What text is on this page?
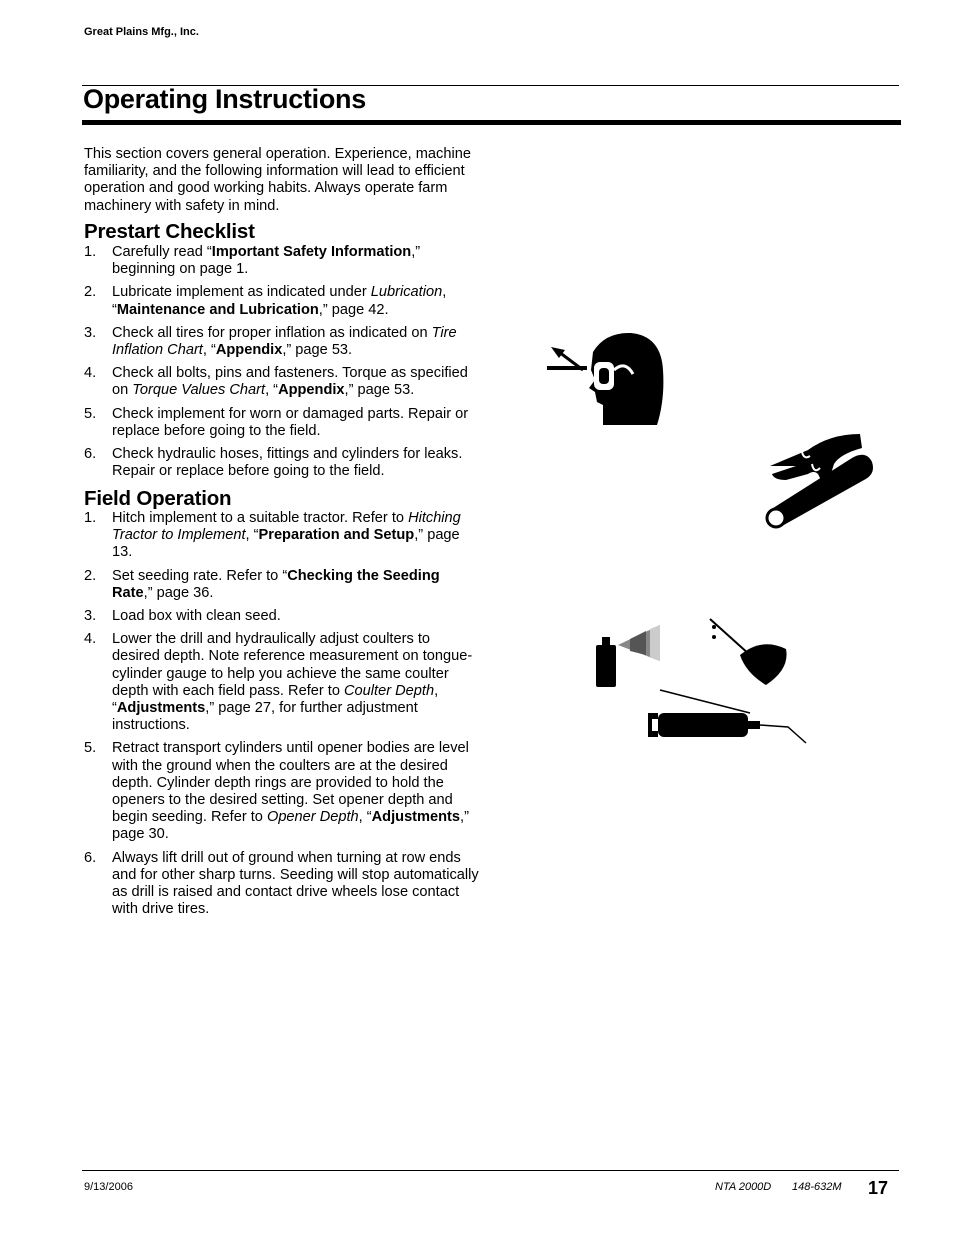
Great Plains Mfg., Inc.
Operating Instructions
This section covers general operation. Experience, machine familiarity, and the following information will lead to efficient operation and good working habits. Always operate farm machinery with safety in mind.
Prestart Checklist
1. Carefully read “Important Safety Information,” beginning on page 1.
2. Lubricate implement as indicated under Lubrication, “Maintenance and Lubrication,” page 42.
3. Check all tires for proper inflation as indicated on Tire Inflation Chart, “Appendix,” page 53.
4. Check all bolts, pins and fasteners. Torque as specified on Torque Values Chart, “Appendix,” page 53.
5. Check implement for worn or damaged parts. Repair or replace before going to the field.
6. Check hydraulic hoses, fittings and cylinders for leaks. Repair or replace before going to the field.
Field Operation
1. Hitch implement to a suitable tractor. Refer to Hitching Tractor to Implement, “Preparation and Setup,” page 13.
2. Set seeding rate. Refer to “Checking the Seeding Rate,” page 36.
3. Load box with clean seed.
4. Lower the drill and hydraulically adjust coulters to desired depth. Note reference measurement on tongue-cylinder gauge to help you achieve the same coulter depth with each field pass. Refer to Coulter Depth, “Adjustments,” page 27, for further adjustment instructions.
5. Retract transport cylinders until opener bodies are level with the ground when the coulters are at the desired depth. Cylinder depth rings are provided to hold the openers to the desired setting. Set opener depth and begin seeding. Refer to Opener Depth, “Adjustments,” page 30.
6. Always lift drill out of ground when turning at row ends and for other sharp turns. Seeding will stop automatically as drill is raised and contact drive wheels lose contact with drive tires.
9/13/2006	NTA 2000D 148-632M 17
